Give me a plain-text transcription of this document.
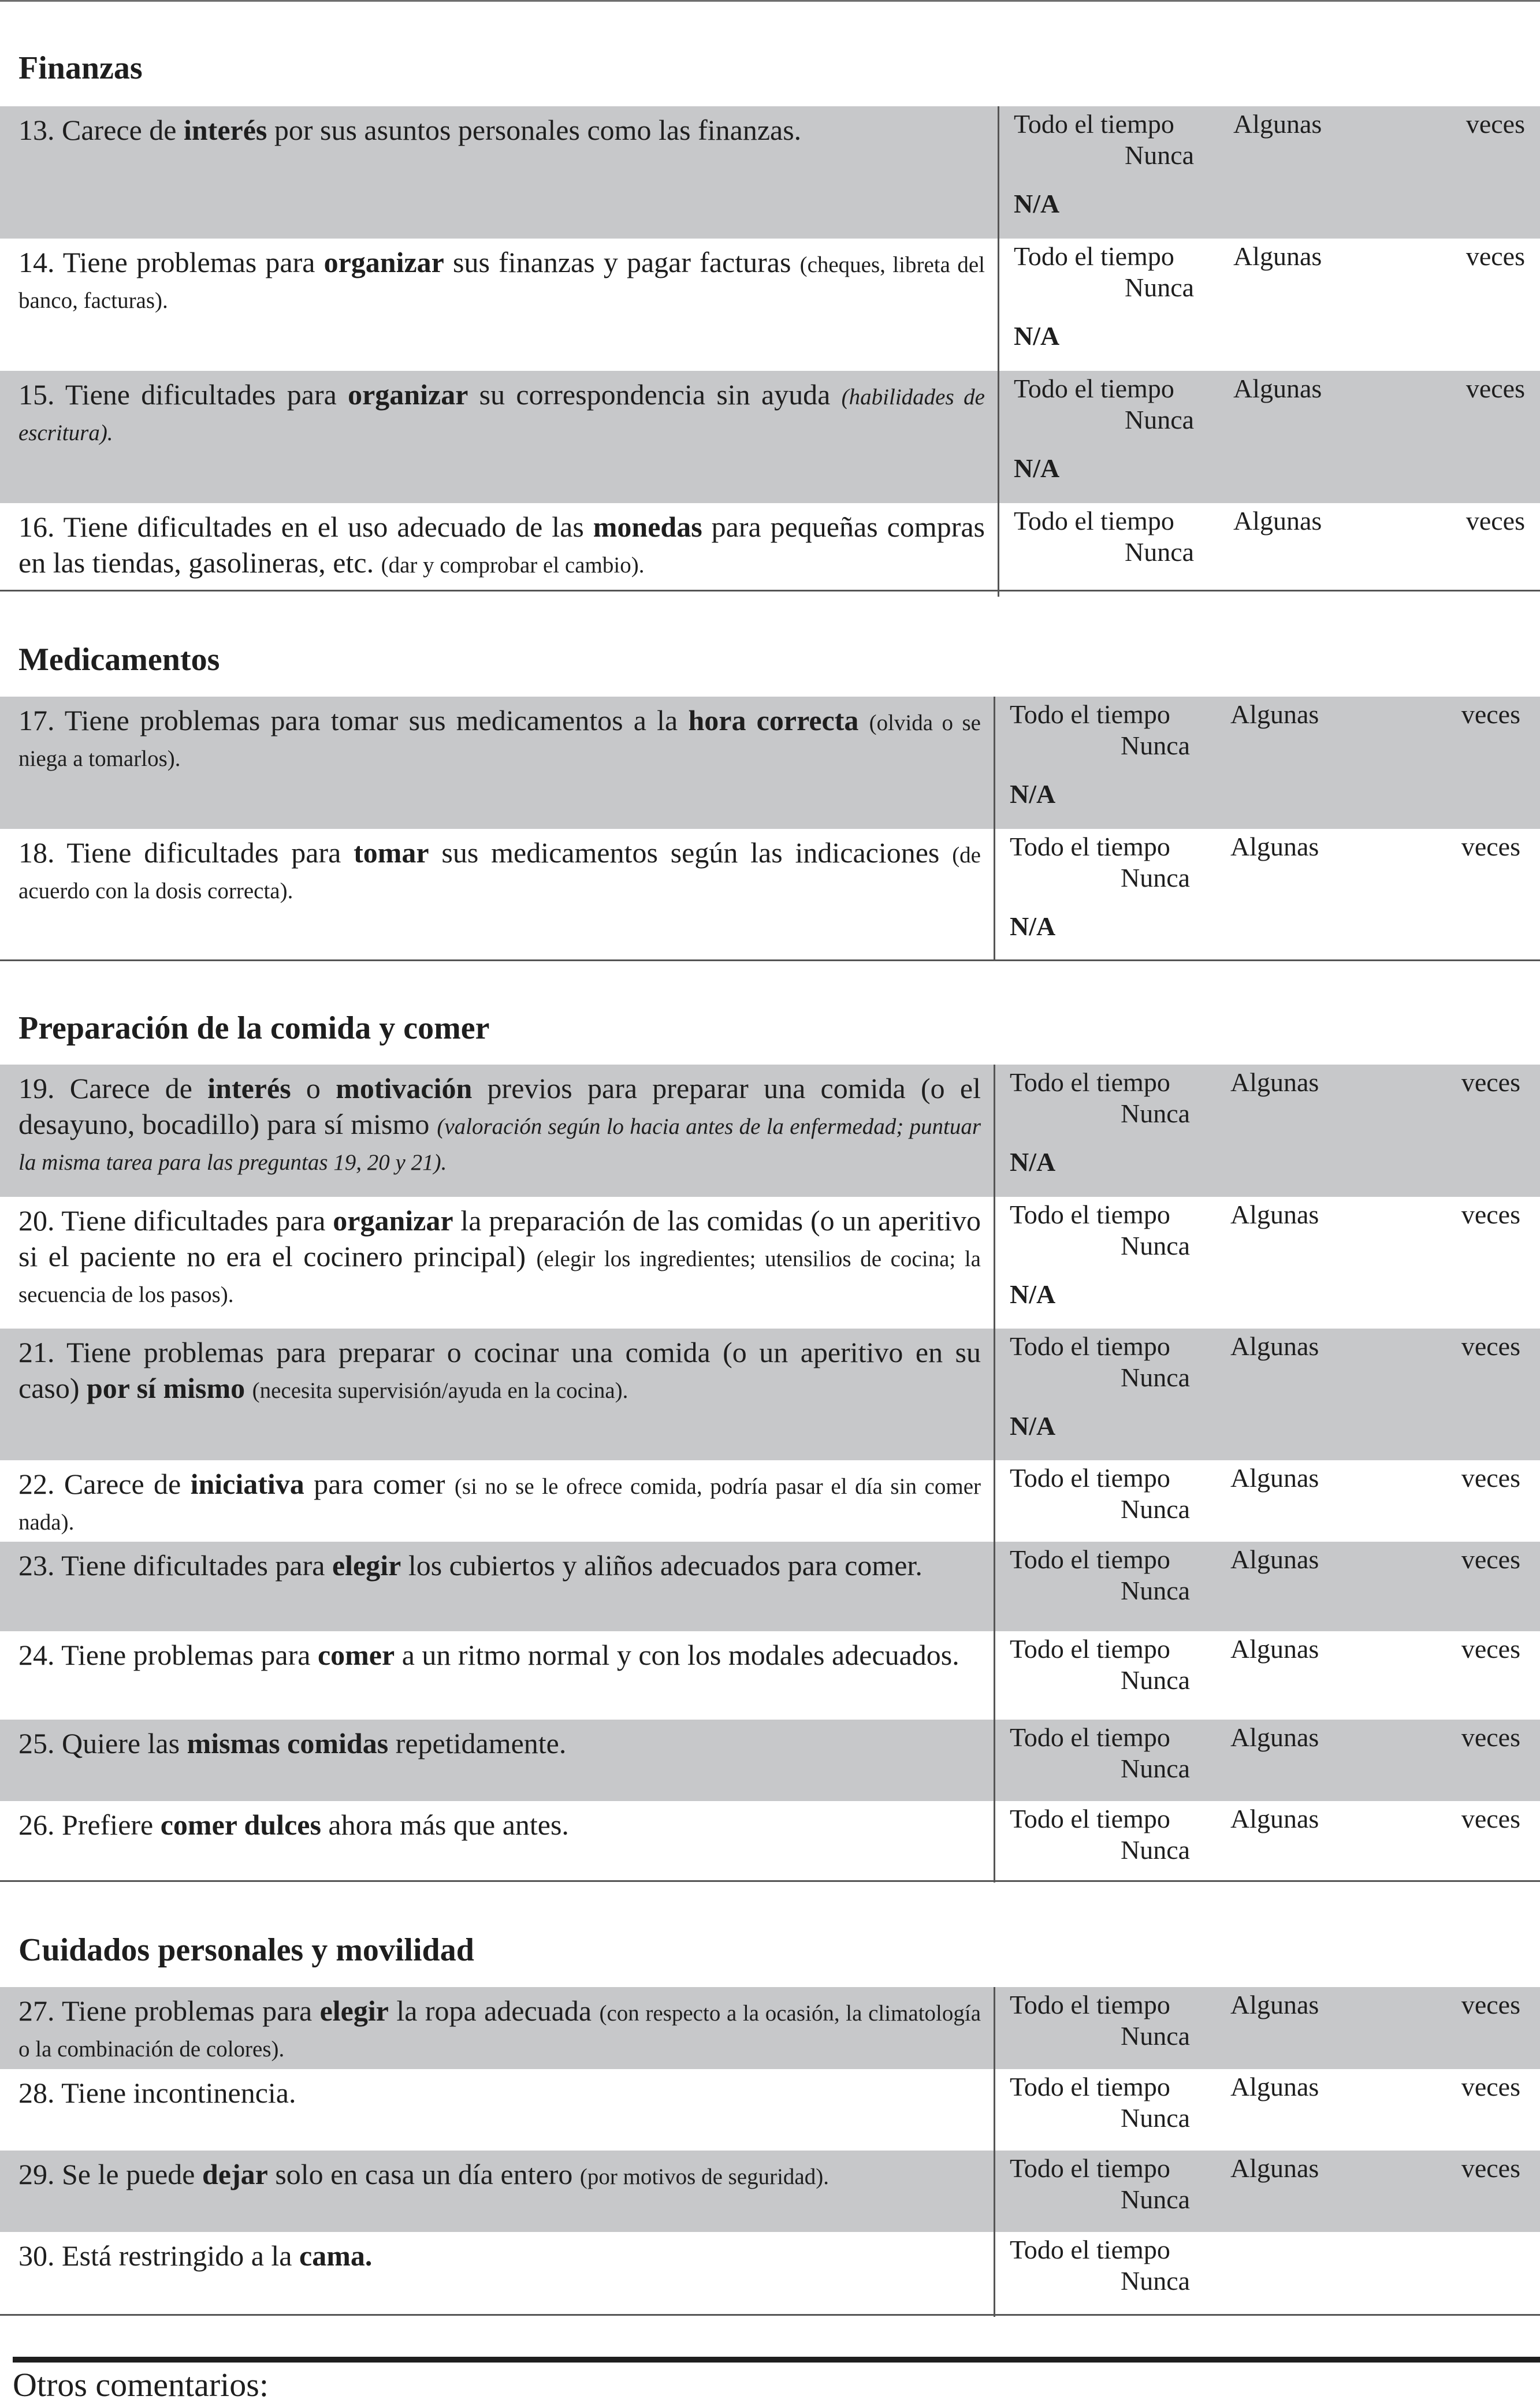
Finanzas
13. Carece de interés por sus asuntos personales como las finanzas.	Todo el tiempo Algunas	veces
Nunca
N/A
14. Tiene problemas para organizar sus finanzas y pagar facturas (cheques, libreta del banco, facturas).
Todo el tiempo Algunas	veces
Nunca
N/A
15. Tiene dificultades para organizar su correspondencia sin ayuda (habilidades de escritura).
Todo el tiempo Algunas	veces
Nunca
N/A
16. Tiene dificultades en el uso adecuado de las monedas para pequeñas compras en las tiendas, gasolineras, etc. (dar y comprobar el cambio).
Todo el tiempo Algunas	veces
Nunca
Medicamentos
17. Tiene problemas para tomar sus medicamentos a la hora correcta (olvida o se niega a tomarlos).
Todo el tiempo Algunas	veces
Nunca
N/A
18. Tiene dificultades para tomar sus medicamentos según las indicaciones (de acuerdo con la dosis correcta).
Todo el tiempo Algunas	veces
Nunca
N/A
Preparación de la comida y comer
19. Carece de interés o motivación previos para preparar una comida (o el desayuno, bocadillo) para sí mismo (valoración según lo hacia antes de la enfermedad; puntuar la misma tarea para las preguntas 19, 20 y 21).
Todo el tiempo Algunas	veces
Nunca
N/A
20. Tiene dificultades para organizar la preparación de las comidas (o un aperitivo si el paciente no era el cocinero principal) (elegir los ingredientes; utensilios de cocina; la secuencia de los pasos).
Todo el tiempo Algunas	veces
Nunca
N/A
21. Tiene problemas para preparar o cocinar una comida (o un aperitivo en su caso) por sí mismo (necesita supervisión/ayuda en la cocina).
Todo el tiempo Algunas	veces
Nunca
N/A
22. Carece de iniciativa para comer (si no se le ofrece comida, podría pasar el día sin comer nada).
Todo el tiempo Algunas	veces
Nunca
23. Tiene dificultades para elegir los cubiertos y aliños adecuados para comer.	Todo el tiempo Algunas	veces
Nunca
24. Tiene problemas para comer a un ritmo normal y con los modales adecuados.	Todo el tiempo Algunas	veces
Nunca
25. Quiere las mismas comidas repetidamente.	Todo el tiempo Algunas	veces
Nunca
26. Prefiere comer dulces ahora más que antes.	Todo el tiempo Algunas	veces
Nunca
Cuidados personales y movilidad
27. Tiene problemas para elegir la ropa adecuada (con respecto a la ocasión, la climatología o la combinación de colores).
Todo el tiempo Algunas	veces
Nunca
28. Tiene incontinencia.	Todo el tiempo Algunas	veces
Nunca
29. Se le puede dejar solo en casa un día entero (por motivos de seguridad).	Todo el tiempo Algunas	veces
Nunca
30. Está restringido a la cama.	Todo el tiempo
Nunca
Otros comentarios:
